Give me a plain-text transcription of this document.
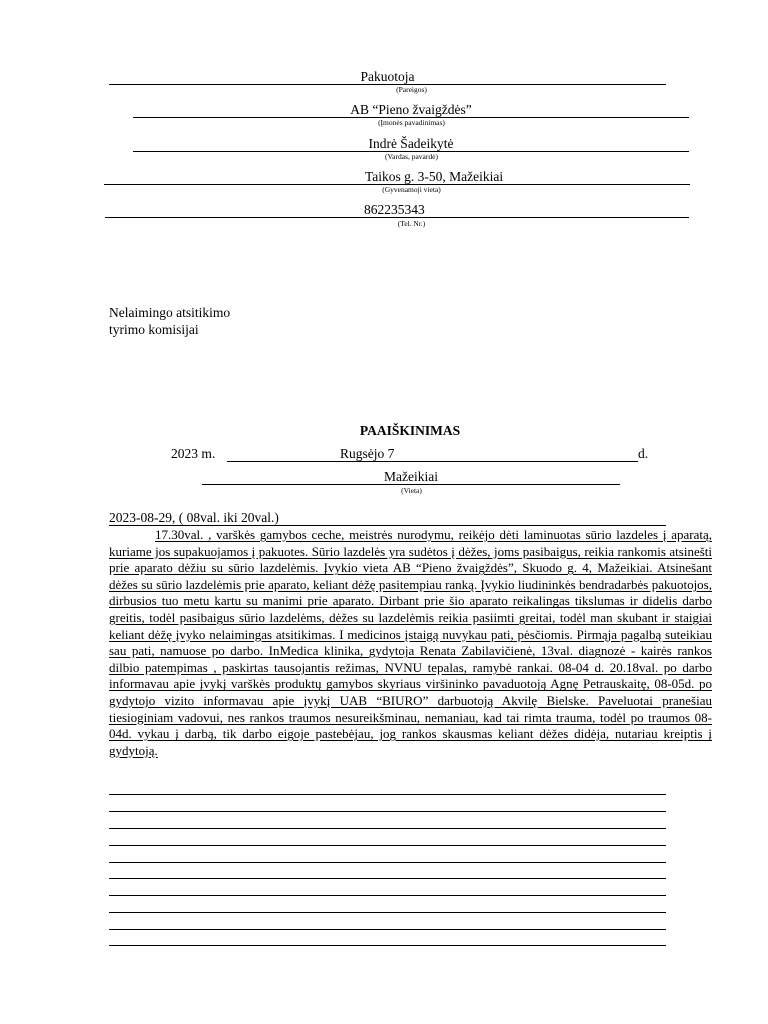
Pakuotoja
(Pareigos)
AB “Pieno žvaigždės”
(Įmonės pavadinimas)
Indrė Šadeikytė
(Vardas, pavardė)
Taikos g. 3-50, Mažeikiai
(Gyvenamoji vieta)
862235343
(Tel. Nr.)
Nelaimingo atsitikimo
tyrimo komisijai
PAAIŠKINIMAS
2023 m.	Rugsėjo 7	d.
Mažeikiai
(Vieta)
2023-08-29, ( 08val. iki 20val.)
17.30val. , varškės gamybos ceche, meistrės nurodymu, reikėjo dėti laminuotas sūrio lazdeles į aparatą, kuriame jos supakuojamos į pakuotes. Sūrio lazdelės yra sudėtos į dėžes, joms pasibaigus, reikia rankomis atsinešti prie aparato dėžiu su sūrio lazdelėmis. Įvykio vieta AB “Pieno žvaigždės”, Skuodo g. 4, Mažeikiai. Atsinešant dėžes su sūrio lazdelėmis prie aparato, keliant dėžę pasitempiau ranką. Įvykio liudininkės bendradarbės pakuotojos, dirbusios tuo metu kartu su manimi prie aparato. Dirbant prie šio aparato reikalingas tikslumas ir didelis darbo greitis, todėl pasibaigus sūrio lazdelėms, dėžes su lazdelėmis reikia pasiimti greitai, todėl man skubant ir staigiai keliant dėžę įvyko nelaimingas atsitikimas. I medicinos įstaigą nuvykau pati, pėsčiomis. Pirmąja pagalbą suteikiau sau pati, namuose po darbo. InMedica klinika, gydytoja Renata Zabilavičienė, 13val. diagnozė - kairės rankos dilbio patempimas , paskirtas tausojantis režimas, NVNU tepalas, ramybė rankai. 08-04 d. 20.18val. po darbo informavau apie įvykį varškės produktų gamybos skyriaus viršininko pavaduotoją Agnę Petrauskaitę, 08-05d. po gydytojo vizito informavau apie įvykį UAB “BIURO” darbuotoją Akvilę Bielske. Paveluotai pranešiau tiesioginiam vadovui, nes rankos traumos nesureikšminau, nemaniau, kad tai rimta trauma, todėl po traumos 08-04d. vykau į darbą, tik darbo eigoje pastebėjau, jog rankos skausmas keliant dėžes didėja, nutariau kreiptis į gydytoją.
